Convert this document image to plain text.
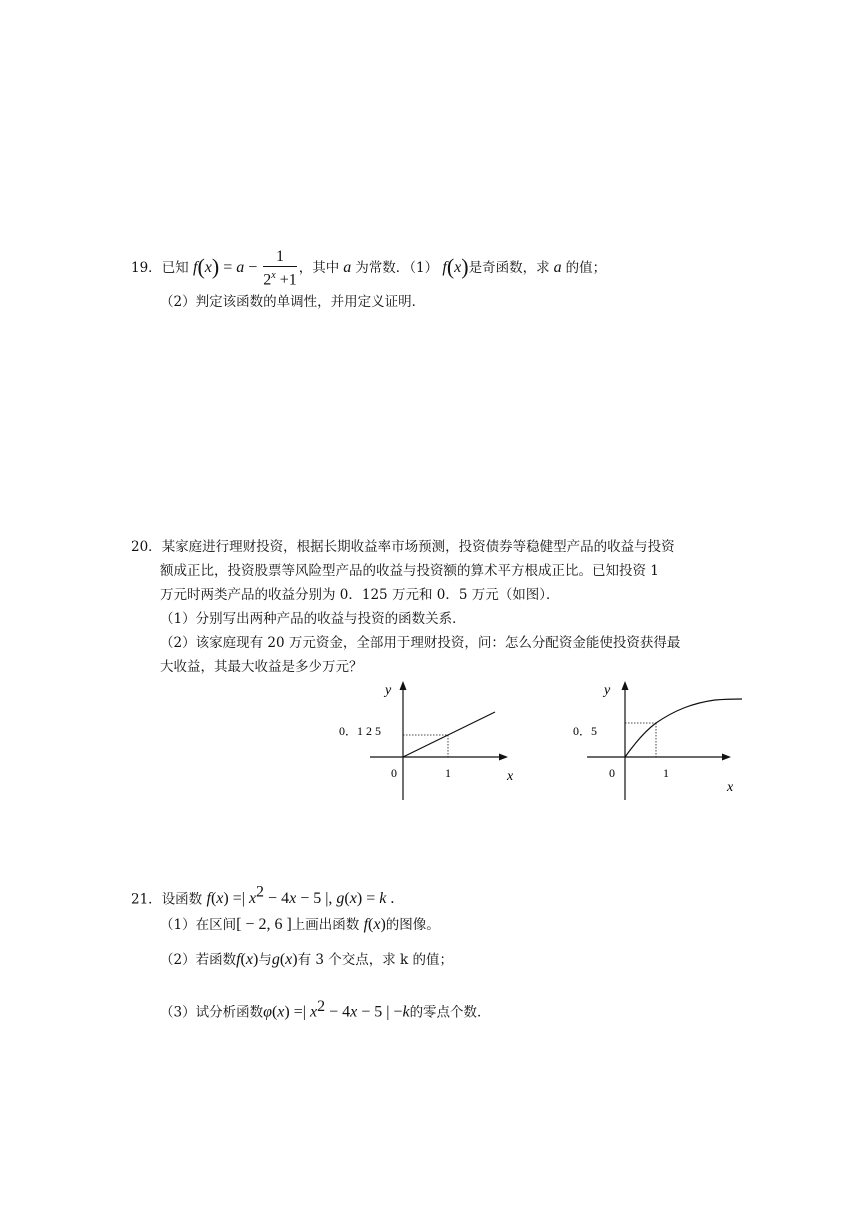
19．已知 $f(x) = a - \frac{1}{2^x +1}$ ，其中 a 为常数．（1） f(x)是奇函数，求 a 的值；
（2）判定该函数的单调性，并用定义证明．
20．某家庭进行理财投资，根据长期收益率市场预测，投资债券等稳健型产品的收益与投资
额成正比，投资股票等风险型产品的收益与投资额的算术平方根成正比。已知投资 1
万元时两类产品的收益分别为 0．125 万元和 0．5 万元（如图）．
（1）分别写出两种产品的收益与投资的函数关系．
（2）该家庭现有 20 万元资金，全部用于理财投资，问：怎么分配资金能使投资获得最
大收益，其最大收益是多少万元？
y
x
0	1
0．1 2 5
y
x
0	1
0．5
21．设函数 f(x) =| $x^2 - 4x - 5$ |, g(x) = k .
（1）在区间[ − 2, 6 ]上画出函数 f(x)的图像。
（2）若函数f(x)与g(x)有 3 个交点，求 k 的值；
（3）试分析函数φ(x) =| $x^2 - 4x - 5$ | −k的零点个数．
